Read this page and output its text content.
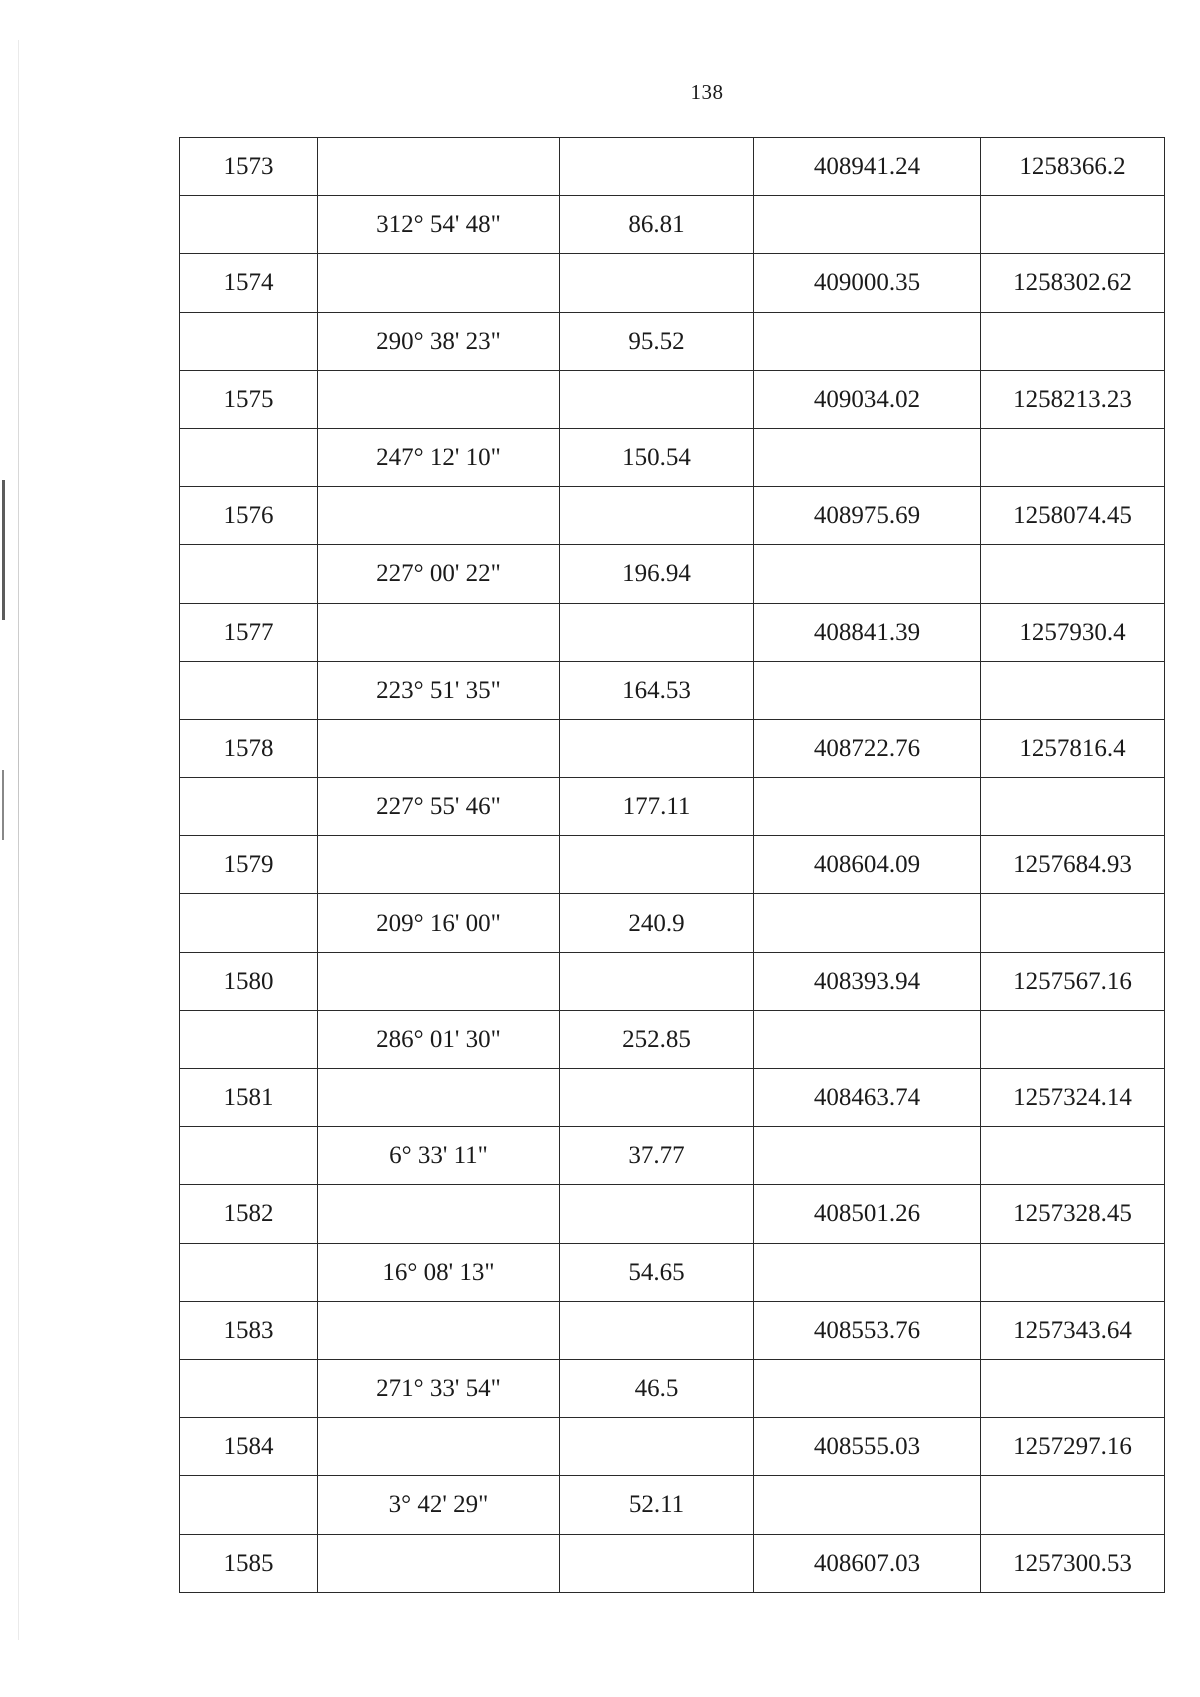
138
1573			408941.24	1258366.2
	312° 54' 48"	86.81		
1574			409000.35	1258302.62
	290° 38' 23"	95.52		
1575			409034.02	1258213.23
	247° 12' 10"	150.54		
1576			408975.69	1258074.45
	227° 00' 22"	196.94		
1577			408841.39	1257930.4
	223° 51' 35"	164.53		
1578			408722.76	1257816.4
	227° 55' 46"	177.11		
1579			408604.09	1257684.93
	209° 16' 00"	240.9		
1580			408393.94	1257567.16
	286° 01' 30"	252.85		
1581			408463.74	1257324.14
	6° 33' 11"	37.77		
1582			408501.26	1257328.45
	16° 08' 13"	54.65		
1583			408553.76	1257343.64
	271° 33' 54"	46.5		
1584			408555.03	1257297.16
	3° 42' 29"	52.11		
1585			408607.03	1257300.53
